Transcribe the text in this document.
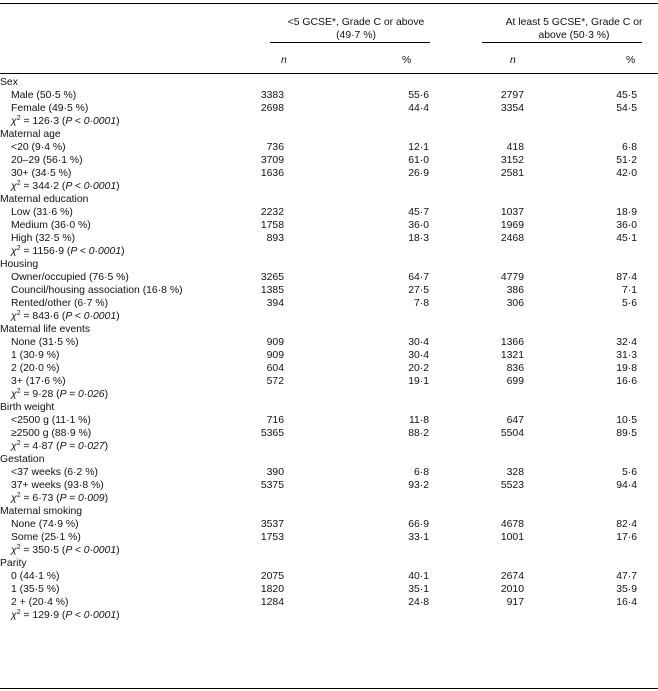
<5 GCSE*, Grade C or above (49·7 %)
At least 5 GCSE*, Grade C or above (50·3 %)
n	%	n	%
Sex
Male (50·5 %)	3383	55·6	2797	45·5
Female (49·5 %)	2698	44·4	3354	54·5
$\chi^2 = 126\cdot 3$ (P < 0·0001)
Maternal age
<20 (9·4 %)	736	12·1	418	6·8
20–29 (56·1 %)	3709	61·0	3152	51·2
30+ (34·5 %)	1636	26·9	2581	42·0
$\chi^2 = 344\cdot 2$ (P < 0·0001)
Maternal education
Low (31·6 %)	2232	45·7	1037	18·9
Medium (36·0 %)	1758	36·0	1969	36·0
High (32·5 %)	893	18·3	2468	45·1
$\chi^2 = 1156\cdot 9$ (P < 0·0001)
Housing
Owner/occupied (76·5 %)	3265	64·7	4779	87·4
Council/housing association (16·8 %)	1385	27·5	386	7·1
Rented/other (6·7 %)	394	7·8	306	5·6
$\chi^2 = 843\cdot 6$ (P < 0·0001)
Maternal life events
None (31·5 %)	909	30·4	1366	32·4
1 (30·9 %)	909	30·4	1321	31·3
2 (20·0 %)	604	20·2	836	19·8
3+ (17·6 %)	572	19·1	699	16·6
$\chi^2 = 9\cdot 28$ (P = 0·026)
Birth weight
<2500 g (11·1 %)	716	11·8	647	10·5
≥2500 g (88·9 %)	5365	88·2	5504	89·5
$\chi^2 = 4\cdot 87$ (P = 0·027)
Gestation
<37 weeks (6·2 %)	390	6·8	328	5·6
37+ weeks (93·8 %)	5375	93·2	5523	94·4
$\chi^2 = 6\cdot 73$ (P = 0·009)
Maternal smoking
None (74·9 %)	3537	66·9	4678	82·4
Some (25·1 %)	1753	33·1	1001	17·6
$\chi^2 = 350\cdot 5$ (P < 0·0001)
Parity
0 (44·1 %)	2075	40·1	2674	47·7
1 (35·5 %)	1820	35·1	2010	35·9
2 + (20·4 %)	1284	24·8	917	16·4
$\chi^2 = 129\cdot 9$ (P < 0·0001)
